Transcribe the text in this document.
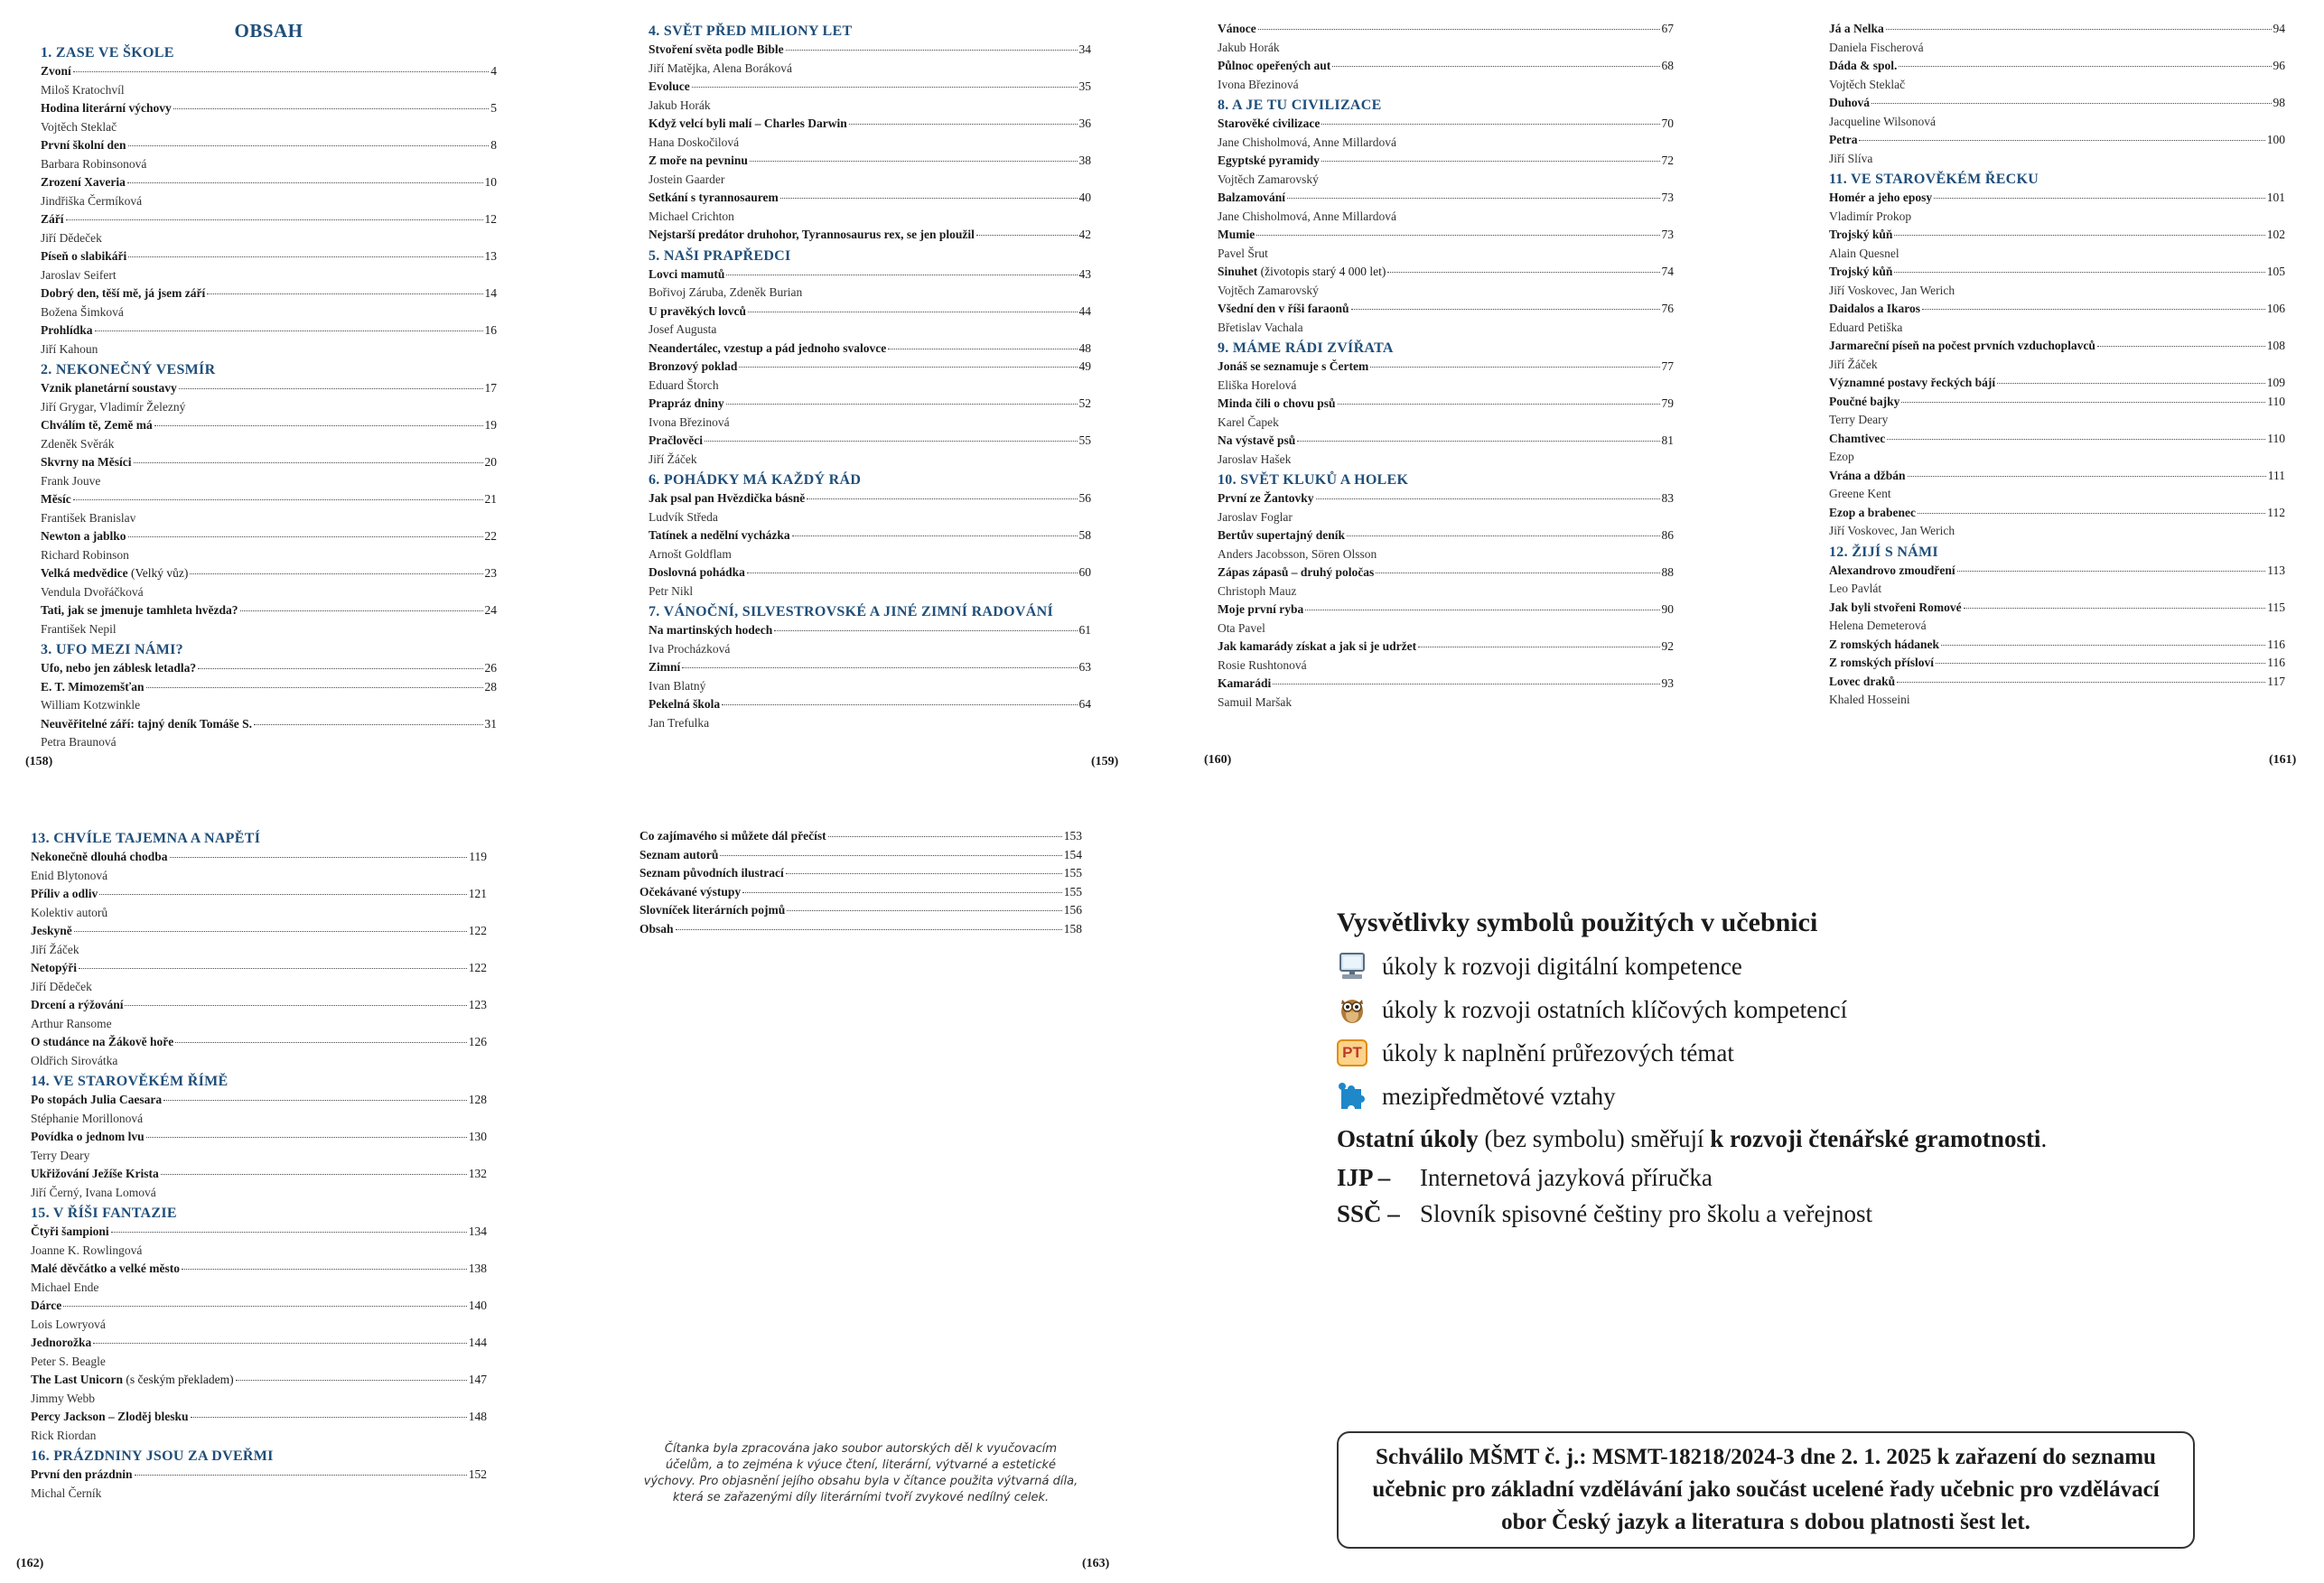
OBSAH
1. ZASE VE ŠKOLE
Zvoní	4
Miloš Kratochvíl
Hodina literární výchovy	5
Vojtěch Steklač
První školní den	8
Barbara Robinsonová
Zrození Xaveria	10
Jindřiška Čermíková
Září	12
Jiří Dědeček
Píseň o slabikáři	13
Jaroslav Seifert
Dobrý den, těší mě, já jsem září	14
Božena Šimková
Prohlídka	16
Jiří Kahoun
2. NEKONEČNÝ VESMÍR
Vznik planetární soustavy	17
Jiří Grygar, Vladimír Železný
Chválím tě, Země má	19
Zdeněk Svěrák
Skvrny na Měsíci	20
Frank Jouve
Měsíc	21
František Branislav
Newton a jablko	22
Richard Robinson
Velká medvědice (Velký vůz)	23
Vendula Dvořáčková
Tati, jak se jmenuje tamhleta hvězda?	24
František Nepil
3. UFO MEZI NÁMI?
Ufo, nebo jen záblesk letadla?	26
E. T. Mimozemšťan	28
William Kotzwinkle
Neuvěřitelné září: tajný deník Tomáše S.	31
Petra Braunová
4. SVĚT PŘED MILIONY LET
Stvoření světa podle Bible	34
Jiří Matějka, Alena Boráková
Evoluce	35
Jakub Horák
Když velcí byli malí – Charles Darwin	36
Hana Doskočilová
Z moře na pevninu	38
Jostein Gaarder
Setkání s tyrannosaurem	40
Michael Crichton
Nejstarší predátor druhohor, Tyrannosaurus rex, se jen ploužil	42
5. NAŠI PRAPŘEDCI
Lovci mamutů	43
Bořivoj Záruba, Zdeněk Burian
U pravěkých lovců	44
Josef Augusta
Neandertálec, vzestup a pád jednoho svalovce	48
Bronzový poklad	49
Eduard Štorch
Prapráz dniny	52
Ivona Březinová
Pračlověci	55
Jiří Žáček
6. POHÁDKY MÁ KAŽDÝ RÁD
Jak psal pan Hvězdička básně	56
Ludvík Středa
Tatínek a nedělní vycházka	58
Arnošt Goldflam
Doslovná pohádka	60
Petr Nikl
7. VÁNOČNÍ, SILVESTROVSKÉ A JINÉ ZIMNÍ RADOVÁNÍ
Na martinských hodech	61
Iva Procházková
Zimní	63
Ivan Blatný
Pekelná škola	64
Jan Trefulka
Vánoce	67
Jakub Horák
Půlnoc opeřených aut	68
Ivona Březinová
8. A JE TU CIVILIZACE
Starověké civilizace	70
Jane Chisholmová, Anne Millardová
Egyptské pyramidy	72
Vojtěch Zamarovský
Balzamování	73
Jane Chisholmová, Anne Millardová
Mumie	73
Pavel Šrut
Sinuhet (životopis starý 4 000 let)	74
Vojtěch Zamarovský
Všední den v říši faraonů	76
Břetislav Vachala
9. MÁME RÁDI ZVÍŘATA
Jonáš se seznamuje s Čertem	77
Eliška Horelová
Minda čili o chovu psů	79
Karel Čapek
Na výstavě psů	81
Jaroslav Hašek
10. SVĚT KLUKŮ A HOLEK
První ze Žantovky	83
Jaroslav Foglar
Bertův supertajný deník	86
Anders Jacobsson, Sören Olsson
Zápas zápasů – druhý poločas	88
Christoph Mauz
Moje první ryba	90
Ota Pavel
Jak kamarády získat a jak si je udržet	92
Rosie Rushtonová
Kamarádi	93
Samuil Maršak
Já a Nelka	94
Daniela Fischerová
Dáda & spol.	96
Vojtěch Steklač
Duhová	98
Jacqueline Wilsonová
Petra	100
Jiří Slíva
11. VE STAROVĚKÉM ŘECKU
Homér a jeho eposy	101
Vladimír Prokop
Trojský kůň	102
Alain Quesnel
Trojský kůň	105
Jiří Voskovec, Jan Werich
Daidalos a Ikaros	106
Eduard Petiška
Jarmareční píseň na počest prvních vzduchoplavců	108
Jiří Žáček
Významné postavy řeckých bájí	109
Poučné bajky	110
Terry Deary
Chamtivec	110
Ezop
Vrána a džbán	111
Greene Kent
Ezop a brabenec	112
Jiří Voskovec, Jan Werich
12. ŽIJÍ S NÁMI
Alexandrovo zmoudření	113
Leo Pavlát
Jak byli stvořeni Romové	115
Helena Demeterová
Z romských hádanek	116
Z romských přísloví	116
Lovec draků	117
Khaled Hosseini
13. CHVÍLE TAJEMNA A NAPĚTÍ
Nekonečně dlouhá chodba	119
Enid Blytonová
Příliv a odliv	121
Kolektiv autorů
Jeskyně	122
Jiří Žáček
Netopýři	122
Jiří Dědeček
Drcení a rýžování	123
Arthur Ransome
O studánce na Žákově hoře	126
Oldřich Sirovátka
14. VE STAROVĚKÉM ŘÍMĚ
Po stopách Julia Caesara	128
Stéphanie Morillonová
Povídka o jednom lvu	130
Terry Deary
Ukřižování Ježíše Krista	132
Jiří Černý, Ivana Lomová
15. V ŘÍŠI FANTAZIE
Čtyři šampioni	134
Joanne K. Rowlingová
Malé děvčátko a velké město	138
Michael Ende
Dárce	140
Lois Lowryová
Jednorožka	144
Peter S. Beagle
The Last Unicorn (s českým překladem)	147
Jimmy Webb
Percy Jackson – Zloděj blesku	148
Rick Riordan
16. PRÁZDNINY JSOU ZA DVEŘMI
První den prázdnin	152
Michal Černík
Co zajímavého si můžete dál přečíst	153
Seznam autorů	154
Seznam původních ilustrací	155
Očekávané výstupy	155
Slovníček literárních pojmů	156
Obsah	158
(158)	(159)	(160)	(161)
(162)	(163)
Čítanka byla zpracována jako soubor autorských děl k vyučovacím účelům, a to zejména k výuce čtení, literární, výtvarné a estetické výchovy. Pro objasnění jejího obsahu byla v čítance použita výtvarná díla, která se zařazenými díly literárními tvoří zvykové nedílný celek.
Vysvětlivky symbolů použitých v učebnici
úkoly k rozvoji digitální kompetence
úkoly k rozvoji ostatních klíčových kompetencí
PT úkoly k naplnění průřezových témat
mezipředmětové vztahy
Ostatní úkoly (bez symbolu) směřují k rozvoji čtenářské gramotnosti.
IJP –	Internetová jazyková příručka
SSČ – Slovník spisovné češtiny pro školu a veřejnost
Schválilo MŠMT č. j.: MSMT-18218/2024-3 dne 2. 1. 2025 k zařazení do seznamu učebnic pro základní vzdělávání jako součást ucelené řady učebnic pro vzdělávací obor Český jazyk a literatura s dobou platnosti šest let.
